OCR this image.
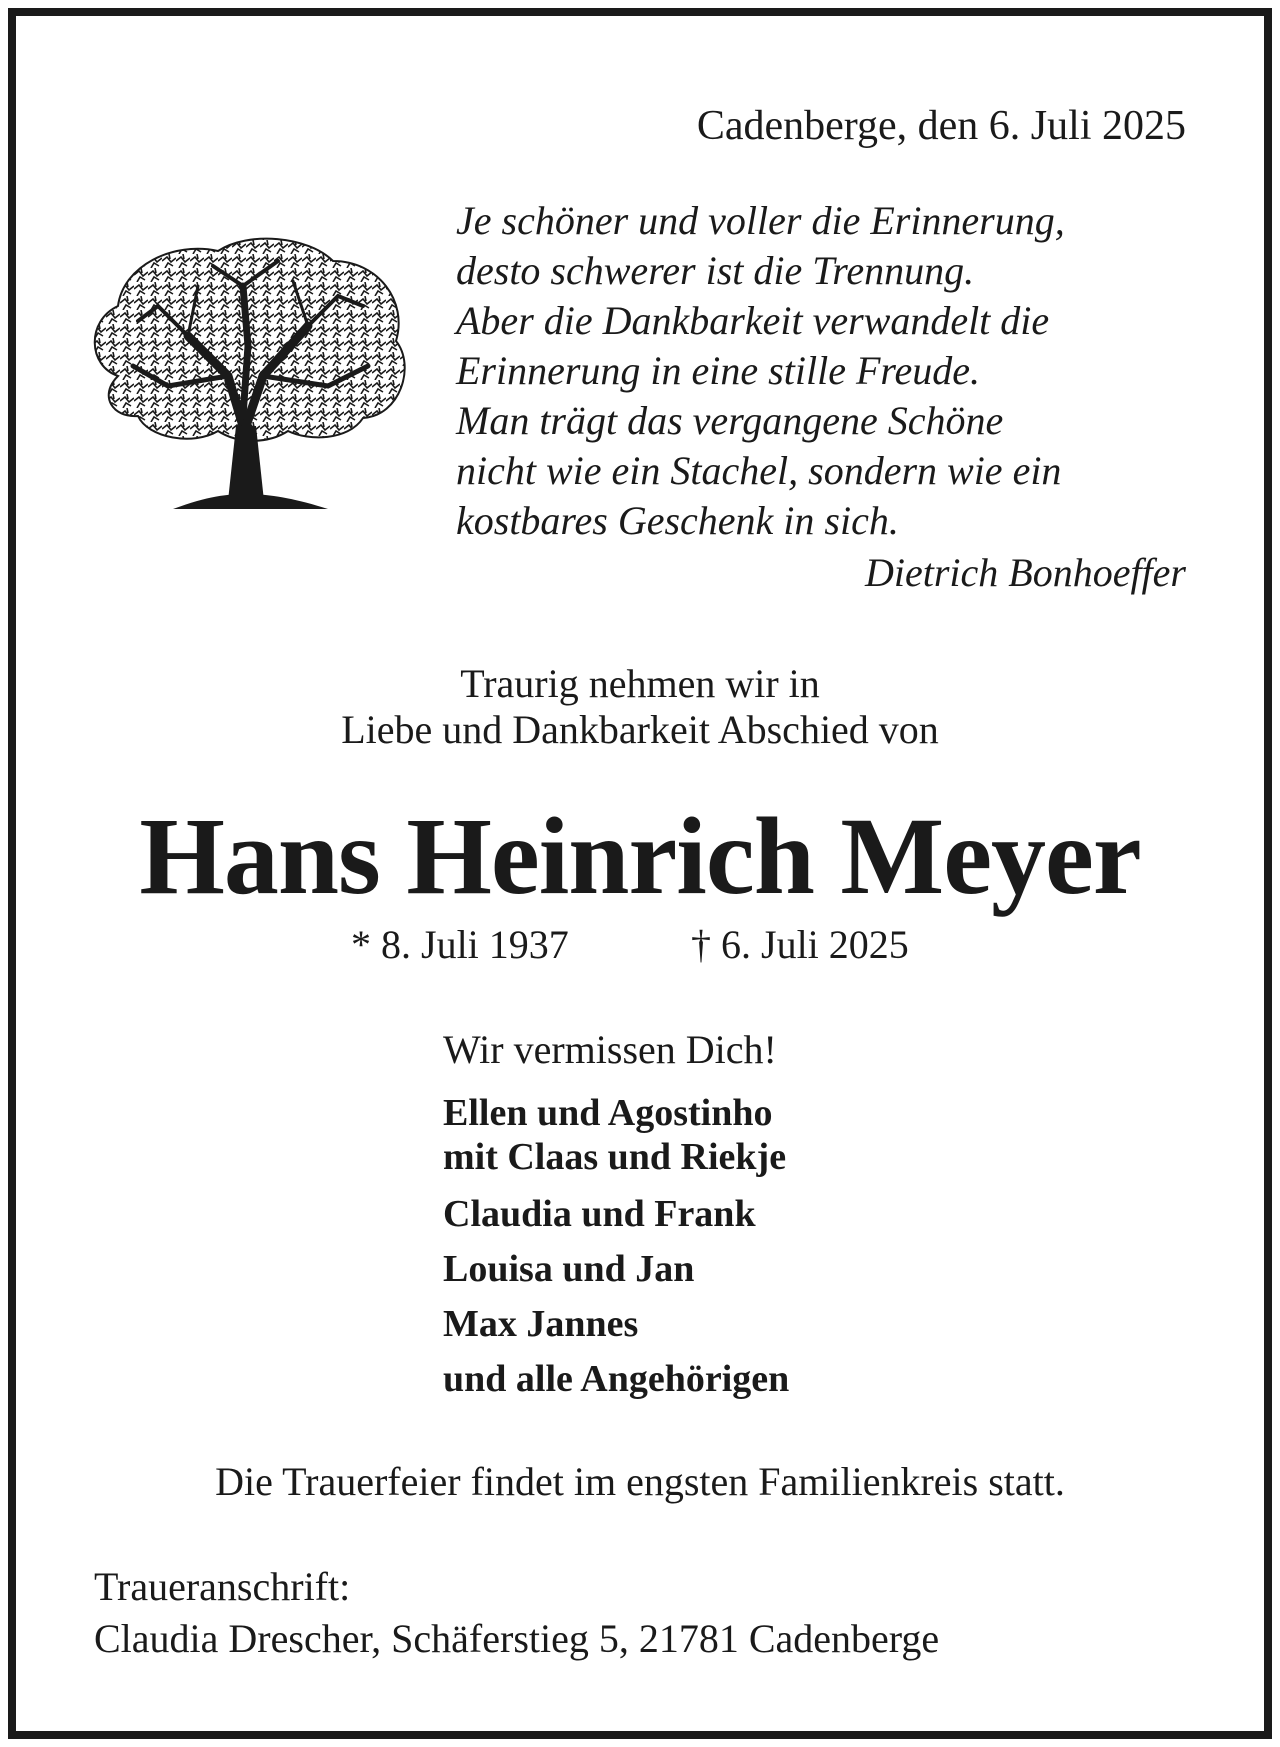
Cadenberge, den 6. Juli 2025
Je schöner und voller die Erinnerung,
desto schwerer ist die Trennung.
Aber die Dankbarkeit verwandelt die
Erinnerung in eine stille Freude.
Man trägt das vergangene Schöne
nicht wie ein Stachel, sondern wie ein
kostbares Geschenk in sich.
Dietrich Bonhoeffer
Traurig nehmen wir in
Liebe und Dankbarkeit Abschied von
Hans Heinrich Meyer
* 8. Juli 1937	† 6. Juli 2025
Wir vermissen Dich!
Ellen und Agostinho
mit Claas und Riekje
Claudia und Frank
Louisa und Jan
Max Jannes
und alle Angehörigen
Die Trauerfeier findet im engsten Familienkreis statt.
Traueranschrift:
Claudia Drescher, Schäferstieg 5, 21781 Cadenberge
